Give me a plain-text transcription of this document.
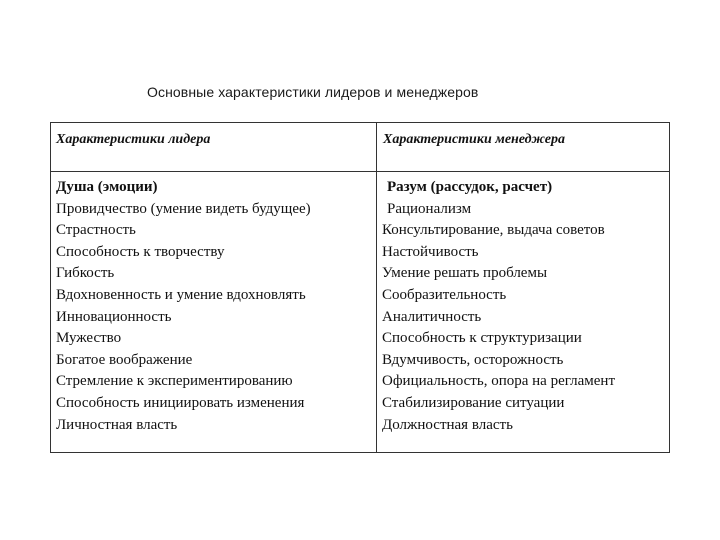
Основные характеристики лидеров и менеджеров
Характеристики лидера	Характеристики менеджера
Душа (эмоции)
Провидчество (умение видеть будущее)
Страстность
Способность к творчеству
Гибкость
Вдохновенность и умение вдохновлять
Инновационность
Мужество
Богатое воображение
Стремление к экспериментированию
Способность инициировать изменения
Личностная власть
Разум (рассудок, расчет)
Рационализм
Консультирование, выдача советов
Настойчивость
Умение решать проблемы
Сообразительность
Аналитичность
Способность к структуризации
Вдумчивость, осторожность
Официальность, опора на регламент
Стабилизирование ситуации
Должностная власть
